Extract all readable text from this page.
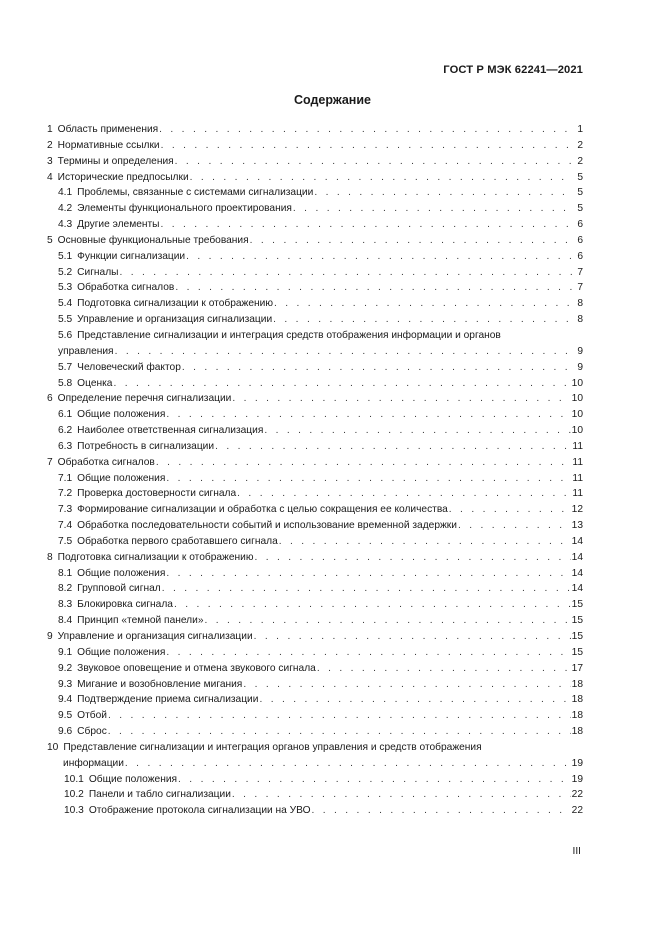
ГОСТ Р МЭК 62241—2021
Содержание
1 Область применения . . .	1
2 Нормативные ссылки . . .	2
3 Термины и определения . . .	2
4 Исторические предпосылки . . .	5
4.1 Проблемы, связанные с системами сигнализации . . .	5
4.2 Элементы функционального проектирования . . .	5
4.3 Другие элементы . . .	6
5 Основные функциональные требования . . .	6
5.1 Функции сигнализации . . .	6
5.2 Сигналы . . .	7
5.3 Обработка сигналов . . .	7
5.4 Подготовка сигнализации к отображению . . .	8
5.5 Управление и организация сигнализации . . .	8
5.6 Представление сигнализации и интеграция средств отображения информации и органов
управления . . .	9
5.7 Человеческий фактор . . .	9
5.8 Оценка . . .	10
6 Определение перечня сигнализации . . .	10
6.1 Общие положения . . .	10
6.2 Наиболее ответственная сигнализация . . .	10
6.3 Потребность в сигнализации . . .	11
7 Обработка сигналов . . .	11
7.1 Общие положения . . .	11
7.2 Проверка достоверности сигнала . . .	11
7.3 Формирование сигнализации и обработка с целью сокращения ее количества . . .	12
7.4 Обработка последовательности событий и использование временной задержки . . .	13
7.5 Обработка первого сработавшего сигнала . . .	14
8 Подготовка сигнализации к отображению . . .	14
8.1 Общие положения . . .	14
8.2 Групповой сигнал . . .	14
8.3 Блокировка сигнала . . .	15
8.4 Принцип «темной панели» . . .	15
9 Управление и организация сигнализации . . .	15
9.1 Общие положения . . .	15
9.2 Звуковое оповещение и отмена звукового сигнала . . .	17
9.3 Мигание и возобновление мигания . . .	18
9.4 Подтверждение приема сигнализации . . .	18
9.5 Отбой . . .	18
9.6 Сброс . . .	18
10 Представление сигнализации и интеграция органов управления и средств отображения
информации . . .	19
10.1 Общие положения . . .	19
10.2 Панели и табло сигнализации . . .	22
10.3 Отображение протокола сигнализации на УВО . . .	22
III
